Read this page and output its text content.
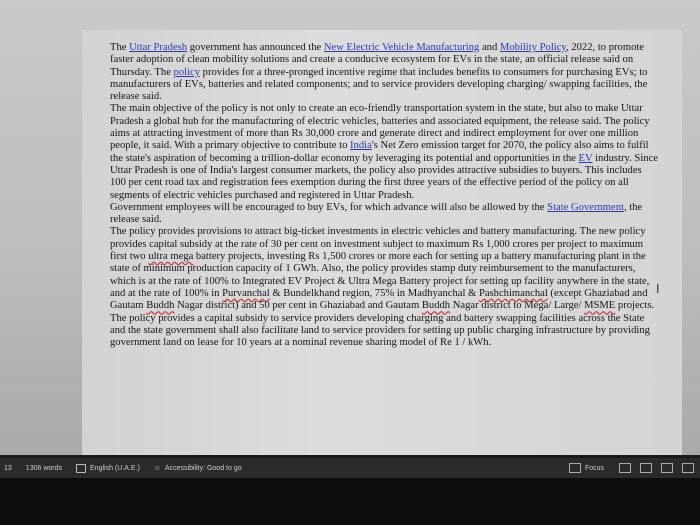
The Uttar Pradesh government has announced the New Electric Vehicle Manufacturing and Mobility Policy, 2022, to promote faster adoption of clean mobility solutions and create a conducive ecosystem for EVs in the state, an official release said on Thursday. The policy provides for a three-pronged incentive regime that includes benefits to consumers for purchasing EVs; to manufacturers of EVs, batteries and related components; and to service providers developing charging/ swapping facilities, the release said.
The main objective of the policy is not only to create an eco-friendly transportation system in the state, but also to make Uttar Pradesh a global hub for the manufacturing of electric vehicles, batteries and associated equipment, the release said. The policy aims at attracting investment of more than Rs 30,000 crore and generate direct and indirect employment for over one million people, it said. With a primary objective to contribute to India's Net Zero emission target for 2070, the policy also aims to fulfil the state's aspiration of becoming a trillion-dollar economy by leveraging its potential and opportunities in the EV industry. Since Uttar Pradesh is one of India's largest consumer markets, the policy also provides attractive subsidies to buyers. This includes 100 per cent road tax and registration fees exemption during the first three years of the effective period of the policy on all segments of electric vehicles purchased and registered in Uttar Pradesh.
Government employees will be encouraged to buy EVs, for which advance will also be allowed by the State Government, the release said.
The policy provides provisions to attract big-ticket investments in electric vehicles and battery manufacturing. The new policy provides capital subsidy at the rate of 30 per cent on investment subject to maximum Rs 1,000 crores per project to maximum first two ultra mega battery projects, investing Rs 1,500 crores or more each for setting up a battery manufacturing plant in the state of minimum production capacity of 1 GWh. Also, the policy provides stamp duty reimbursement to the manufacturers, which is at the rate of 100% to Integrated EV Project & Ultra Mega Battery project for setting up facility anywhere in the state, and at the rate of 100% in Purvanchal & Bundelkhand region, 75% in Madhyanchal & Pashchimanchal (except Ghaziabad and Gautam Buddh Nagar district) and 50 per cent in Ghaziabad and Gautam Buddh Nagar district to Mega/ Large/ MSME projects.
The policy provides a capital subsidy to service providers developing charging and battery swapping facilities across the State and the state government shall also facilitate land to service providers for setting up public charging infrastructure by providing government land on lease for 10 years at a nominal revenue sharing model of Re 1 / kWh.
I
13 1306 words	English (U.A.E.) ☺ Accessibility: Good to go	Focus
